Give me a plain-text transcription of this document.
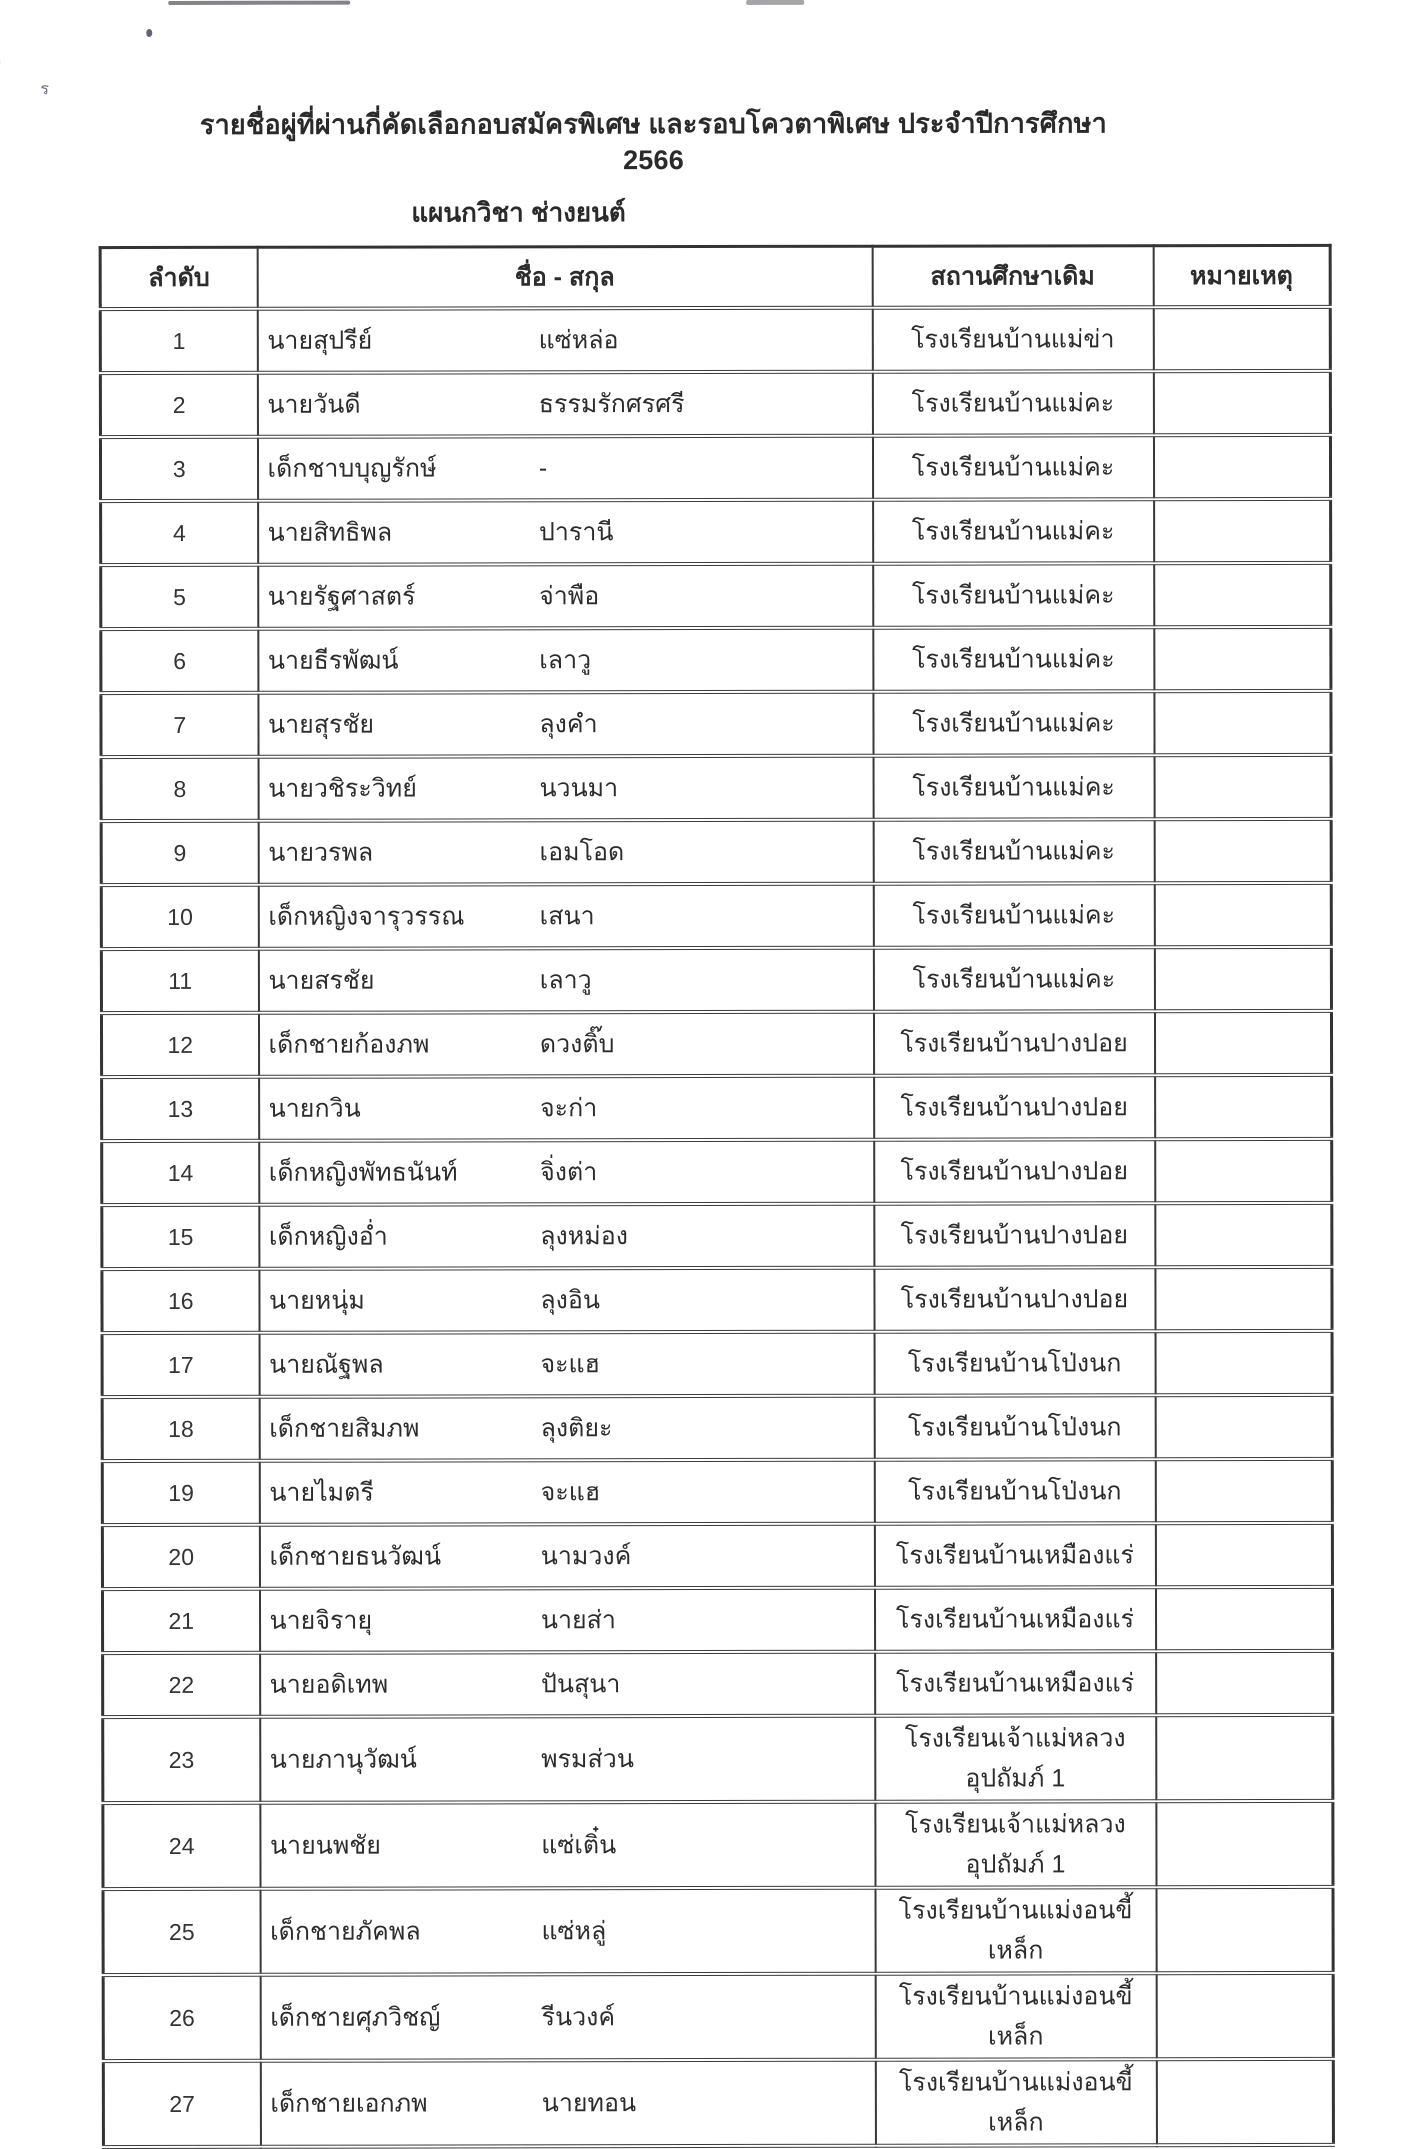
ร
รายชื่อผู่ที่ผ่านกี่คัดเลือกอบสมัครพิเศษ และรอบโควตาพิเศษ ประจำปีการศึกษา 2566
แผนกวิชา ช่างยนต์
ลำดับ	ชื่อ - สกุล	สถานศึกษาเดิม	หมายเหตุ
1	นายสุปรีย์ แซ่หล่อ	โรงเรียนบ้านแม่ข่า	
2	นายวันดี ธรรมรักศรศรี	โรงเรียนบ้านแม่คะ	
3	เด็กชาบบุญรักษ์ -	โรงเรียนบ้านแม่คะ	
4	นายสิทธิพล ปารานี	โรงเรียนบ้านแม่คะ	
5	นายรัฐศาสตร์ จ่าพือ	โรงเรียนบ้านแม่คะ	
6	นายธีรพัฒน์ เลาวู	โรงเรียนบ้านแม่คะ	
7	นายสุรชัย ลุงคำ	โรงเรียนบ้านแม่คะ	
8	นายวชิระวิทย์ นวนมา	โรงเรียนบ้านแม่คะ	
9	นายวรพล เอมโอด	โรงเรียนบ้านแม่คะ	
10	เด็กหญิงจารุวรรณ เสนา	โรงเรียนบ้านแม่คะ	
11	นายสรชัย เลาวู	โรงเรียนบ้านแม่คะ	
12	เด็กชายก้องภพ ดวงติ๊บ	โรงเรียนบ้านปางปอย	
13	นายกวิน จะก่า	โรงเรียนบ้านปางปอย	
14	เด็กหญิงพัทธนันท์ จิ่งต่า	โรงเรียนบ้านปางปอย	
15	เด็กหญิงอ่ำ ลุงหม่อง	โรงเรียนบ้านปางปอย	
16	นายหนุ่ม ลุงอิน	โรงเรียนบ้านปางปอย	
17	นายณัฐพล จะแฮ	โรงเรียนบ้านโป่งนก	
18	เด็กชายสิมภพ ลุงติยะ	โรงเรียนบ้านโป่งนก	
19	นายไมตรี จะแฮ	โรงเรียนบ้านโป่งนก	
20	เด็กชายธนวัฒน์ นามวงค์	โรงเรียนบ้านเหมืองแร่	
21	นายจิรายุ นายส่า	โรงเรียนบ้านเหมืองแร่	
22	นายอดิเทพ ปันสุนา	โรงเรียนบ้านเหมืองแร่	
23	นายภานุวัฒน์ พรมส่วน	โรงเรียนเจ้าแม่หลวงอุปถัมภ์ 1	
24	นายนพชัย แซ่เติ๋น	โรงเรียนเจ้าแม่หลวงอุปถัมภ์ 1	
25	เด็กชายภัคพล แซ่หลู่	โรงเรียนบ้านแม่งอนขี้เหล็ก	
26	เด็กชายศุภวิชญ์ รีนวงค์	โรงเรียนบ้านแม่งอนขี้เหล็ก	
27	เด็กชายเอกภพ นายทอน	โรงเรียนบ้านแม่งอนขี้เหล็ก	
